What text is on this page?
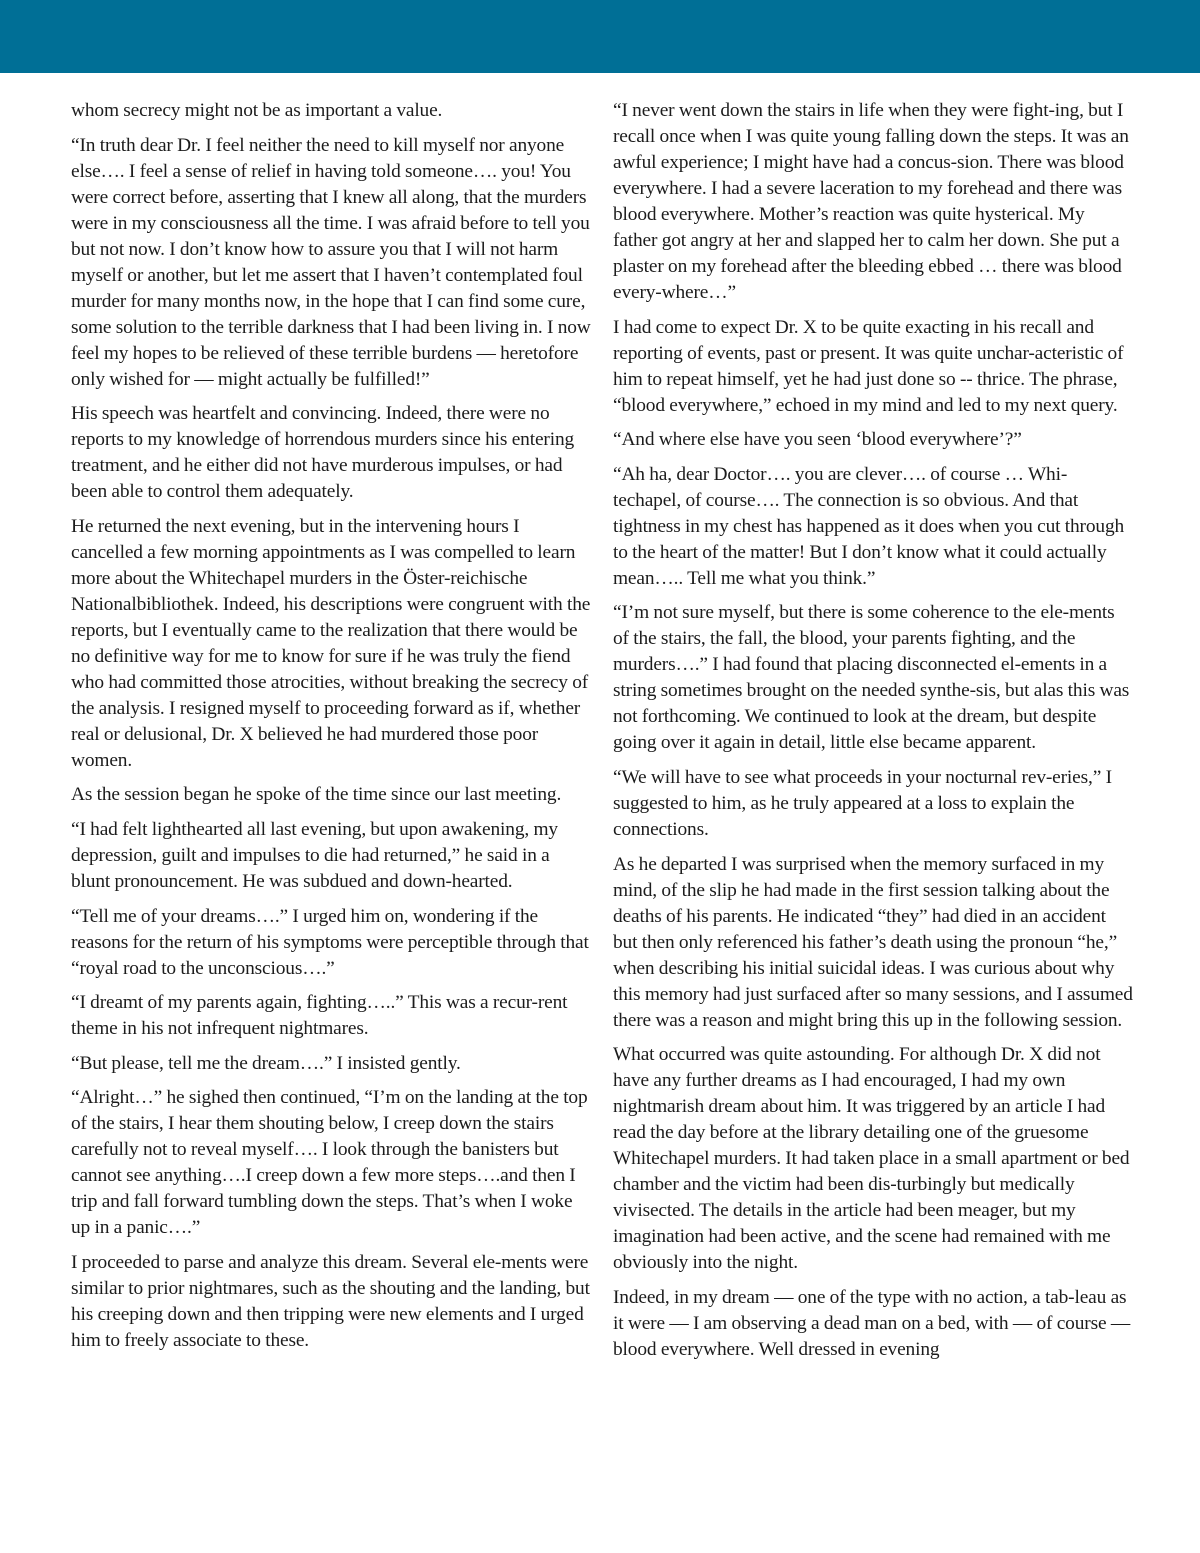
whom secrecy might not be as important a value.

“In truth dear Dr. I feel neither the need to kill myself nor anyone else…. I feel a sense of relief in having told someone…. you! You were correct before, asserting that I knew all along, that the murders were in my consciousness all the time. I was afraid before to tell you but not now. I don’t know how to assure you that I will not harm myself or another, but let me assert that I haven’t contemplated foul murder for many months now, in the hope that I can find some cure, some solution to the terrible darkness that I had been living in. I now feel my hopes to be relieved of these terrible burdens — heretofore only wished for — might actually be fulfilled!”

His speech was heartfelt and convincing. Indeed, there were no reports to my knowledge of horrendous murders since his entering treatment, and he either did not have murderous impulses, or had been able to control them adequately.

He returned the next evening, but in the intervening hours I cancelled a few morning appointments as I was compelled to learn more about the Whitechapel murders in the Öster-reichische Nationalbibliothek. Indeed, his descriptions were congruent with the reports, but I eventually came to the realization that there would be no definitive way for me to know for sure if he was truly the fiend who had committed those atrocities, without breaking the secrecy of the analysis. I resigned myself to proceeding forward as if, whether real or delusional, Dr. X believed he had murdered those poor women.

As the session began he spoke of the time since our last meeting.

“I had felt lighthearted all last evening, but upon awakening, my depression, guilt and impulses to die had returned,” he said in a blunt pronouncement. He was subdued and down-hearted.

“Tell me of your dreams….” I urged him on, wondering if the reasons for the return of his symptoms were perceptible through that “royal road to the unconscious….”

“I dreamt of my parents again, fighting…..” This was a recur-rent theme in his not infrequent nightmares.

“But please, tell me the dream….” I insisted gently.

“Alright…” he sighed then continued, “I’m on the landing at the top of the stairs, I hear them shouting below, I creep down the stairs carefully not to reveal myself…. I look through the banisters but cannot see anything….I creep down a few more steps….and then I trip and fall forward tumbling down the steps. That’s when I woke up in a panic….”

I proceeded to parse and analyze this dream. Several ele-ments were similar to prior nightmares, such as the shouting and the landing, but his creeping down and then tripping were new elements and I urged him to freely associate to these.

“I never went down the stairs in life when they were fight-ing, but I recall once when I was quite young falling down the steps. It was an awful experience; I might have had a concus-sion. There was blood everywhere. I had a severe laceration to my forehead and there was blood everywhere. Mother’s reaction was quite hysterical. My father got angry at her and slapped her to calm her down. She put a plaster on my forehead after the bleeding ebbed … there was blood every-where…”

I had come to expect Dr. X to be quite exacting in his recall and reporting of events, past or present. It was quite unchar-acteristic of him to repeat himself, yet he had just done so -- thrice. The phrase, “blood everywhere,” echoed in my mind and led to my next query.

“And where else have you seen ‘blood everywhere’?”

“Ah ha, dear Doctor…. you are clever…. of course … Whi-techapel, of course…. The connection is so obvious. And that tightness in my chest has happened as it does when you cut through to the heart of the matter! But I don’t know what it could actually mean….. Tell me what you think.”

“I’m not sure myself, but there is some coherence to the ele-ments of the stairs, the fall, the blood, your parents fighting, and the murders….” I had found that placing disconnected el-ements in a string sometimes brought on the needed synthe-sis, but alas this was not forthcoming. We continued to look at the dream, but despite going over it again in detail, little else became apparent.

“We will have to see what proceeds in your nocturnal rev-eries,” I suggested to him, as he truly appeared at a loss to explain the connections.

As he departed I was surprised when the memory surfaced in my mind, of the slip he had made in the first session talking about the deaths of his parents. He indicated “they” had died in an accident but then only referenced his father’s death using the pronoun “he,” when describing his initial suicidal ideas. I was curious about why this memory had just surfaced after so many sessions, and I assumed there was a reason and might bring this up in the following session.

What occurred was quite astounding. For although Dr. X did not have any further dreams as I had encouraged, I had my own nightmarish dream about him. It was triggered by an article I had read the day before at the library detailing one of the gruesome Whitechapel murders. It had taken place in a small apartment or bed chamber and the victim had been dis-turbingly but medically vivisected. The details in the article had been meager, but my imagination had been active, and the scene had remained with me obviously into the night.

Indeed, in my dream — one of the type with no action, a tab-leau as it were — I am observing a dead man on a bed, with — of course — blood everywhere. Well dressed in evening
